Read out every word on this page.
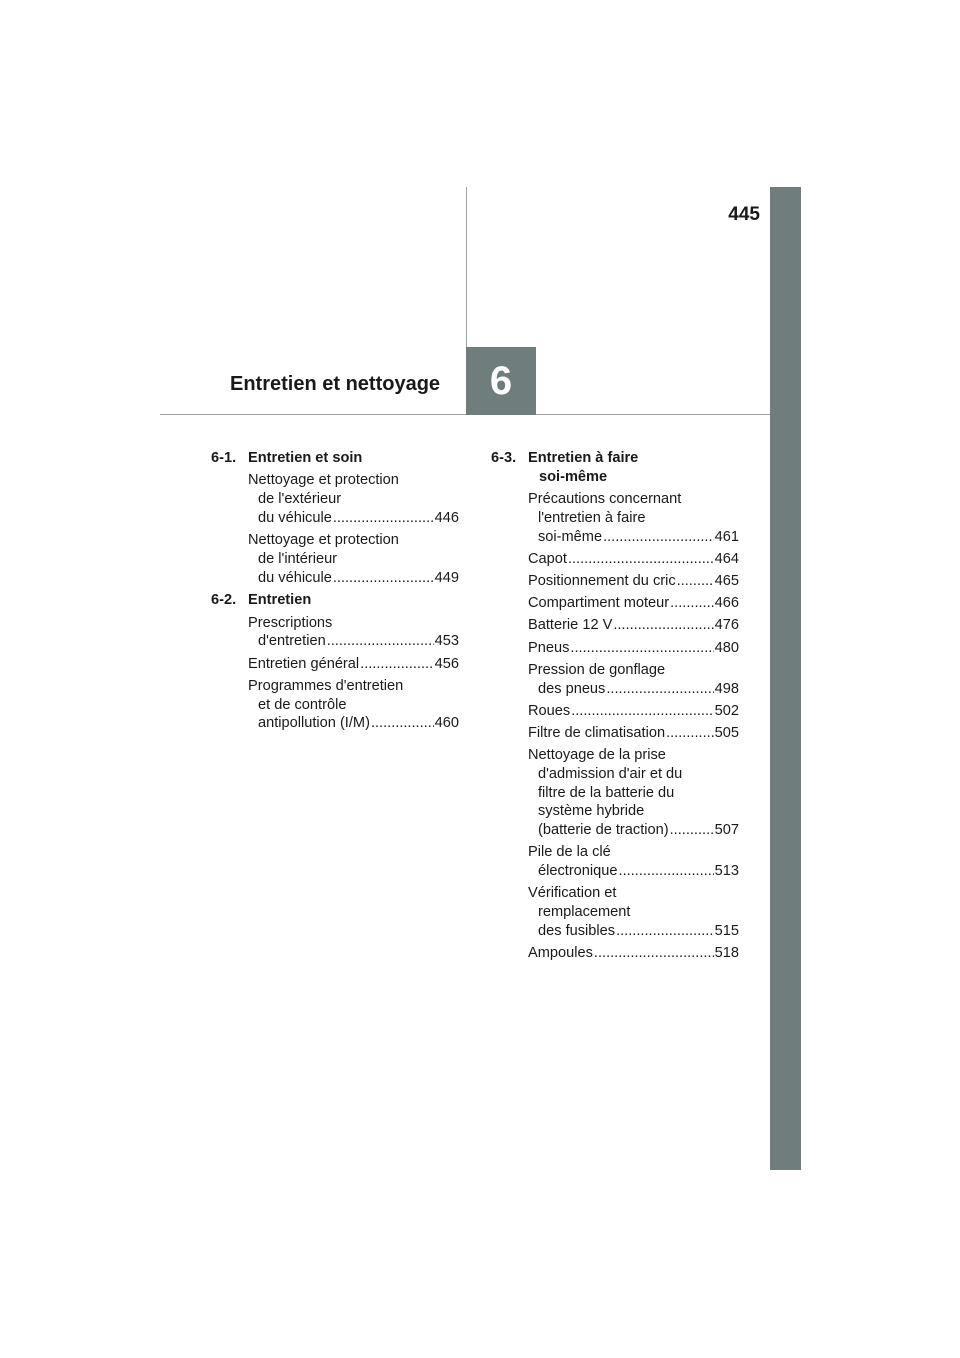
445
Entretien et nettoyage 6
6-1. Entretien et soin
Nettoyage et protection
de l'extérieur
du véhicule .....	446
Nettoyage et protection
de l'intérieur
du véhicule .....	449
6-2. Entretien
Prescriptions
d'entretien .....	453
Entretien général .....	456
Programmes d'entretien
et de contrôle
antipollution (I/M) .....	460
6-3. Entretien à faire

soi-même
Précautions concernant
l'entretien à faire
soi-même .....	461
Capot .....	464
Positionnement du cric .....	465
Compartiment moteur .....	466
Batterie 12 V .....	476
Pneus .....	480
Pression de gonflage
des pneus .....	498
Roues .....	502
Filtre de climatisation .....	505
Nettoyage de la prise
d'admission d'air et du
filtre de la batterie du
système hybride
(batterie de traction) .....	507
Pile de la clé
électronique .....	513
Vérification et
remplacement
des fusibles .....	515
Ampoules .....	518
